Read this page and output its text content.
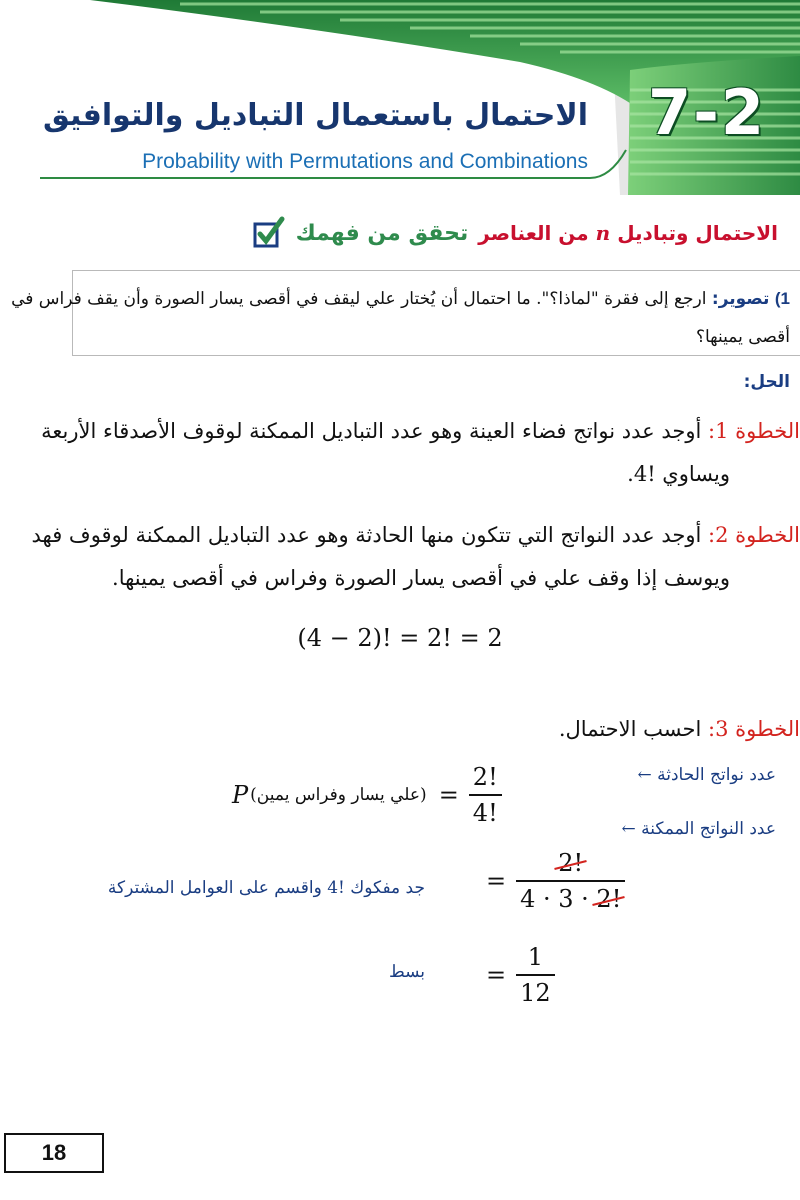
7-2
الاحتمال باستعمال التباديل والتوافيق

Probability with Permutations and Combinations

تحقق من فهمك	الاحتمال وتباديل n من العناصر

1) تصوير: ارجع إلى فقرة "لماذا؟". ما احتمال أن يُختار علي ليقف في أقصى يسار الصورة وأن يقف فراس في أقصى يمينها؟

الحل:

الخطوة 1: أوجد عدد نواتج فضاء العينة وهو عدد التباديل الممكنة لوقوف الأصدقاء الأربعة
ويساوي !4.

الخطوة 2: أوجد عدد النواتج التي تتكون منها الحادثة وهو عدد التباديل الممكنة لوقوف فهد
ويوسف إذا وقف علي في أقصى يسار الصورة وفراس في أقصى يمينها.

(4 − 2)! = 2! = 2

الخطوة 3: احسب الاحتمال.

P (علي يسار وفراس يمين) = $\frac{2!}{4!}$	عدد نواتج الحادثة ←
عدد النواتج الممكنة ←
= $\frac{2!}{4 \cdot 3 \cdot 2!}$
جد مفكوك !4 واقسم على العوامل المشتركة
= $\frac{1}{12}$
بسط
18
